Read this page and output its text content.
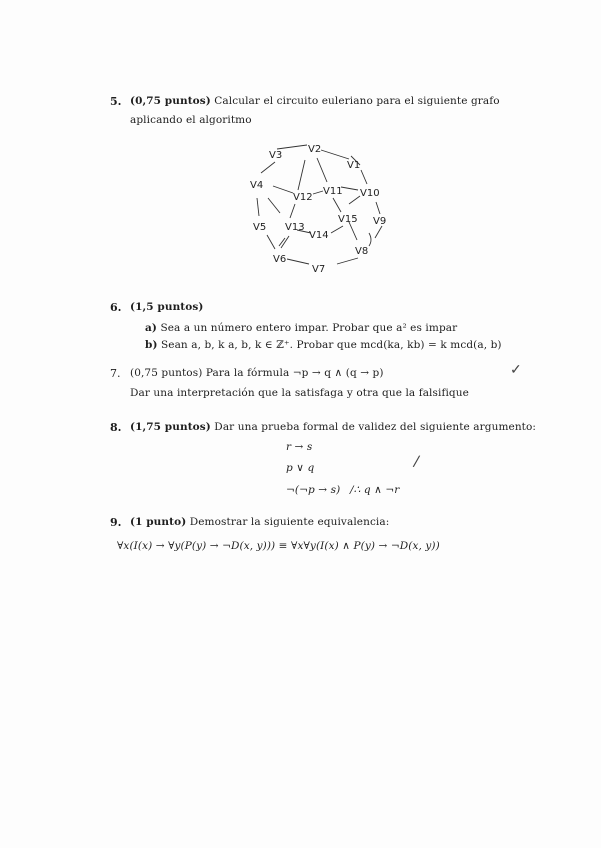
5. (0,75 puntos) Calcular el circuito euleriano para el siguiente grafo
aplicando el algoritmo
V3
V2
V1
V4
V10
V12
V11
V15 V9
V5 V13
V14
V8
V6
V7
6. (1,5 puntos)
a) Sea a un número entero impar. Probar que a² es impar
b) Sean a, b, k a, b, k ∈ ℤ⁺. Probar que mcd(ka, kb) = k mcd(a, b)
7. (0,75 puntos) Para la fórmula ¬p → q ∧ (q → p)
Dar una interpretación que la satisfaga y otra que la falsifique
✓
8. (1,75 puntos) Dar una prueba formal de validez del siguiente argumento:
r → s
p ∨ q
¬(¬p → s) /∴ q ∧ ¬r
/
9. (1 punto) Demostrar la siguiente equivalencia:
∀x(I(x) → ∀y(P(y) → ¬D(x, y))) ≡ ∀x∀y(I(x) ∧ P(y) → ¬D(x, y))
